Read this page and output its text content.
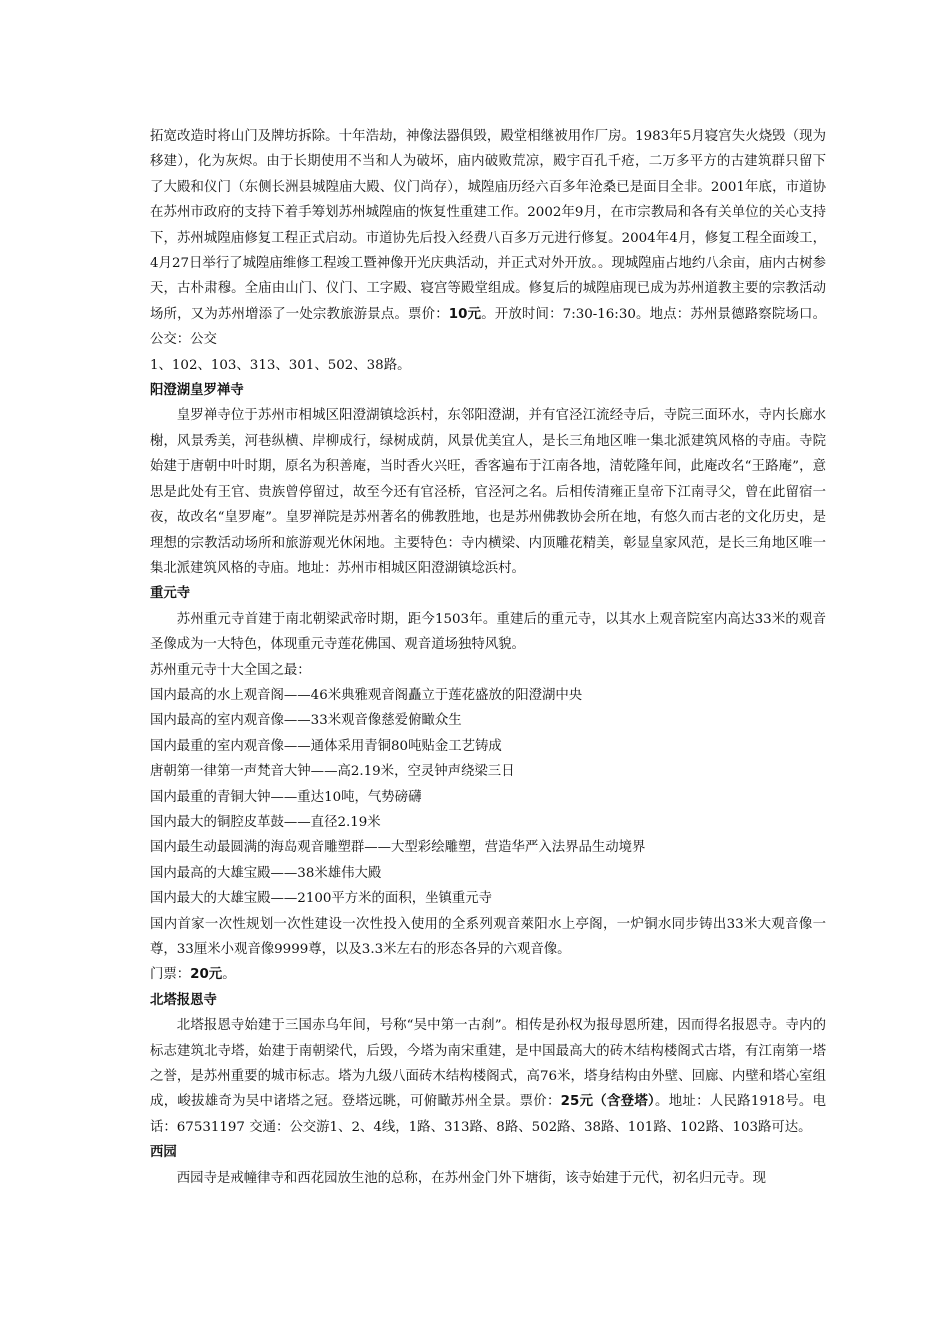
拓宽改造时将山门及牌坊拆除。十年浩劫，神像法器俱毁，殿堂相继被用作厂房。1983年5月寝宫失火烧毁（现为移建），化为灰烬。由于长期使用不当和人为破坏，庙内破败荒凉，殿宇百孔千疮，二万多平方的古建筑群只留下了大殿和仪门（东侧长洲县城隍庙大殿、仪门尚存），城隍庙历经六百多年沧桑已是面目全非。2001年底，市道协在苏州市政府的支持下着手筹划苏州城隍庙的恢复性重建工作。2002年9月，在市宗教局和各有关单位的关心支持下，苏州城隍庙修复工程正式启动。市道协先后投入经费八百多万元进行修复。2004年4月，修复工程全面竣工，4月27日举行了城隍庙维修工程竣工暨神像开光庆典活动，并正式对外开放。。现城隍庙占地约八余亩，庙内古树参天，古朴肃穆。全庙由山门、仪门、工字殿、寝宫等殿堂组成。修复后的城隍庙现已成为苏州道教主要的宗教活动场所，又为苏州增添了一处宗教旅游景点。票价：10元。开放时间：7:30-16:30。地点：苏州景德路察院场口。公交：公交

1、102、103、313、301、502、38路。

阳澄湖皇罗禅寺

皇罗禅寺位于苏州市相城区阳澄湖镇埝浜村，东邻阳澄湖，并有官泾江流经寺后，寺院三面环水，寺内长廊水榭，风景秀美，河巷纵横、岸柳成行，绿树成荫，风景优美宜人，是长三角地区唯一集北派建筑风格的寺庙。寺院始建于唐朝中叶时期，原名为积善庵，当时香火兴旺，香客遍布于江南各地，清乾隆年间，此庵改名“王路庵”，意思是此处有王官、贵族曾停留过，故至今还有官泾桥，官泾河之名。后相传清雍正皇帝下江南寻父，曾在此留宿一夜，故改名“皇罗庵”。皇罗禅院是苏州著名的佛教胜地，也是苏州佛教协会所在地，有悠久而古老的文化历史，是理想的宗教活动场所和旅游观光休闲地。主要特色：寺内横梁、内顶雕花精美，彰显皇家风范，是长三角地区唯一集北派建筑风格的寺庙。地址：苏州市相城区阳澄湖镇埝浜村。

重元寺

苏州重元寺首建于南北朝梁武帝时期，距今1503年。重建后的重元寺，以其水上观音院室内高达33米的观音圣像成为一大特色，体现重元寺莲花佛国、观音道场独特风貌。

苏州重元寺十大全国之最：

国内最高的水上观音阁——46米典雅观音阁矗立于莲花盛放的阳澄湖中央

国内最高的室内观音像——33米观音像慈爱俯瞰众生

国内最重的室内观音像——通体采用青铜80吨贴金工艺铸成

唐朝第一律第一声梵音大钟——高2.19米，空灵钟声绕梁三日

国内最重的青铜大钟——重达10吨，气势磅礴

国内最大的铜腔皮革鼓——直径2.19米

国内最生动最圆满的海岛观音雕塑群——大型彩绘雕塑，营造华严入法界品生动境界

国内最高的大雄宝殿——38米雄伟大殿

国内最大的大雄宝殿——2100平方米的面积，坐镇重元寺

国内首家一次性规划一次性建设一次性投入使用的全系列观音萊阳水上亭阁，一炉铜水同步铸出33米大观音像一尊，33厘米小观音像9999尊，以及3.3米左右的形态各异的六观音像。

门票：20元。

北塔报恩寺

北塔报恩寺始建于三国赤乌年间，号称“吴中第一古刹”。相传是孙权为报母恩所建，因而得名报恩寺。寺内的标志建筑北寺塔，始建于南朝梁代，后毁，今塔为南宋重建，是中国最高大的砖木结构楼阁式古塔，有江南第一塔之誉，是苏州重要的城市标志。塔为九级八面砖木结构楼阁式，高76米，塔身结构由外壁、回廊、内壁和塔心室组成，峻拔雄奇为吴中诸塔之冠。登塔远眺，可俯瞰苏州全景。票价：25元（含登塔）。地址：人民路1918号。电话：67531197 交通：公交游1、2、4线，1路、313路、8路、502路、38路、101路、102路、103路可达。

西园

西园寺是戒幢律寺和西花园放生池的总称，在苏州金门外下塘街，该寺始建于元代，初名归元寺。现
